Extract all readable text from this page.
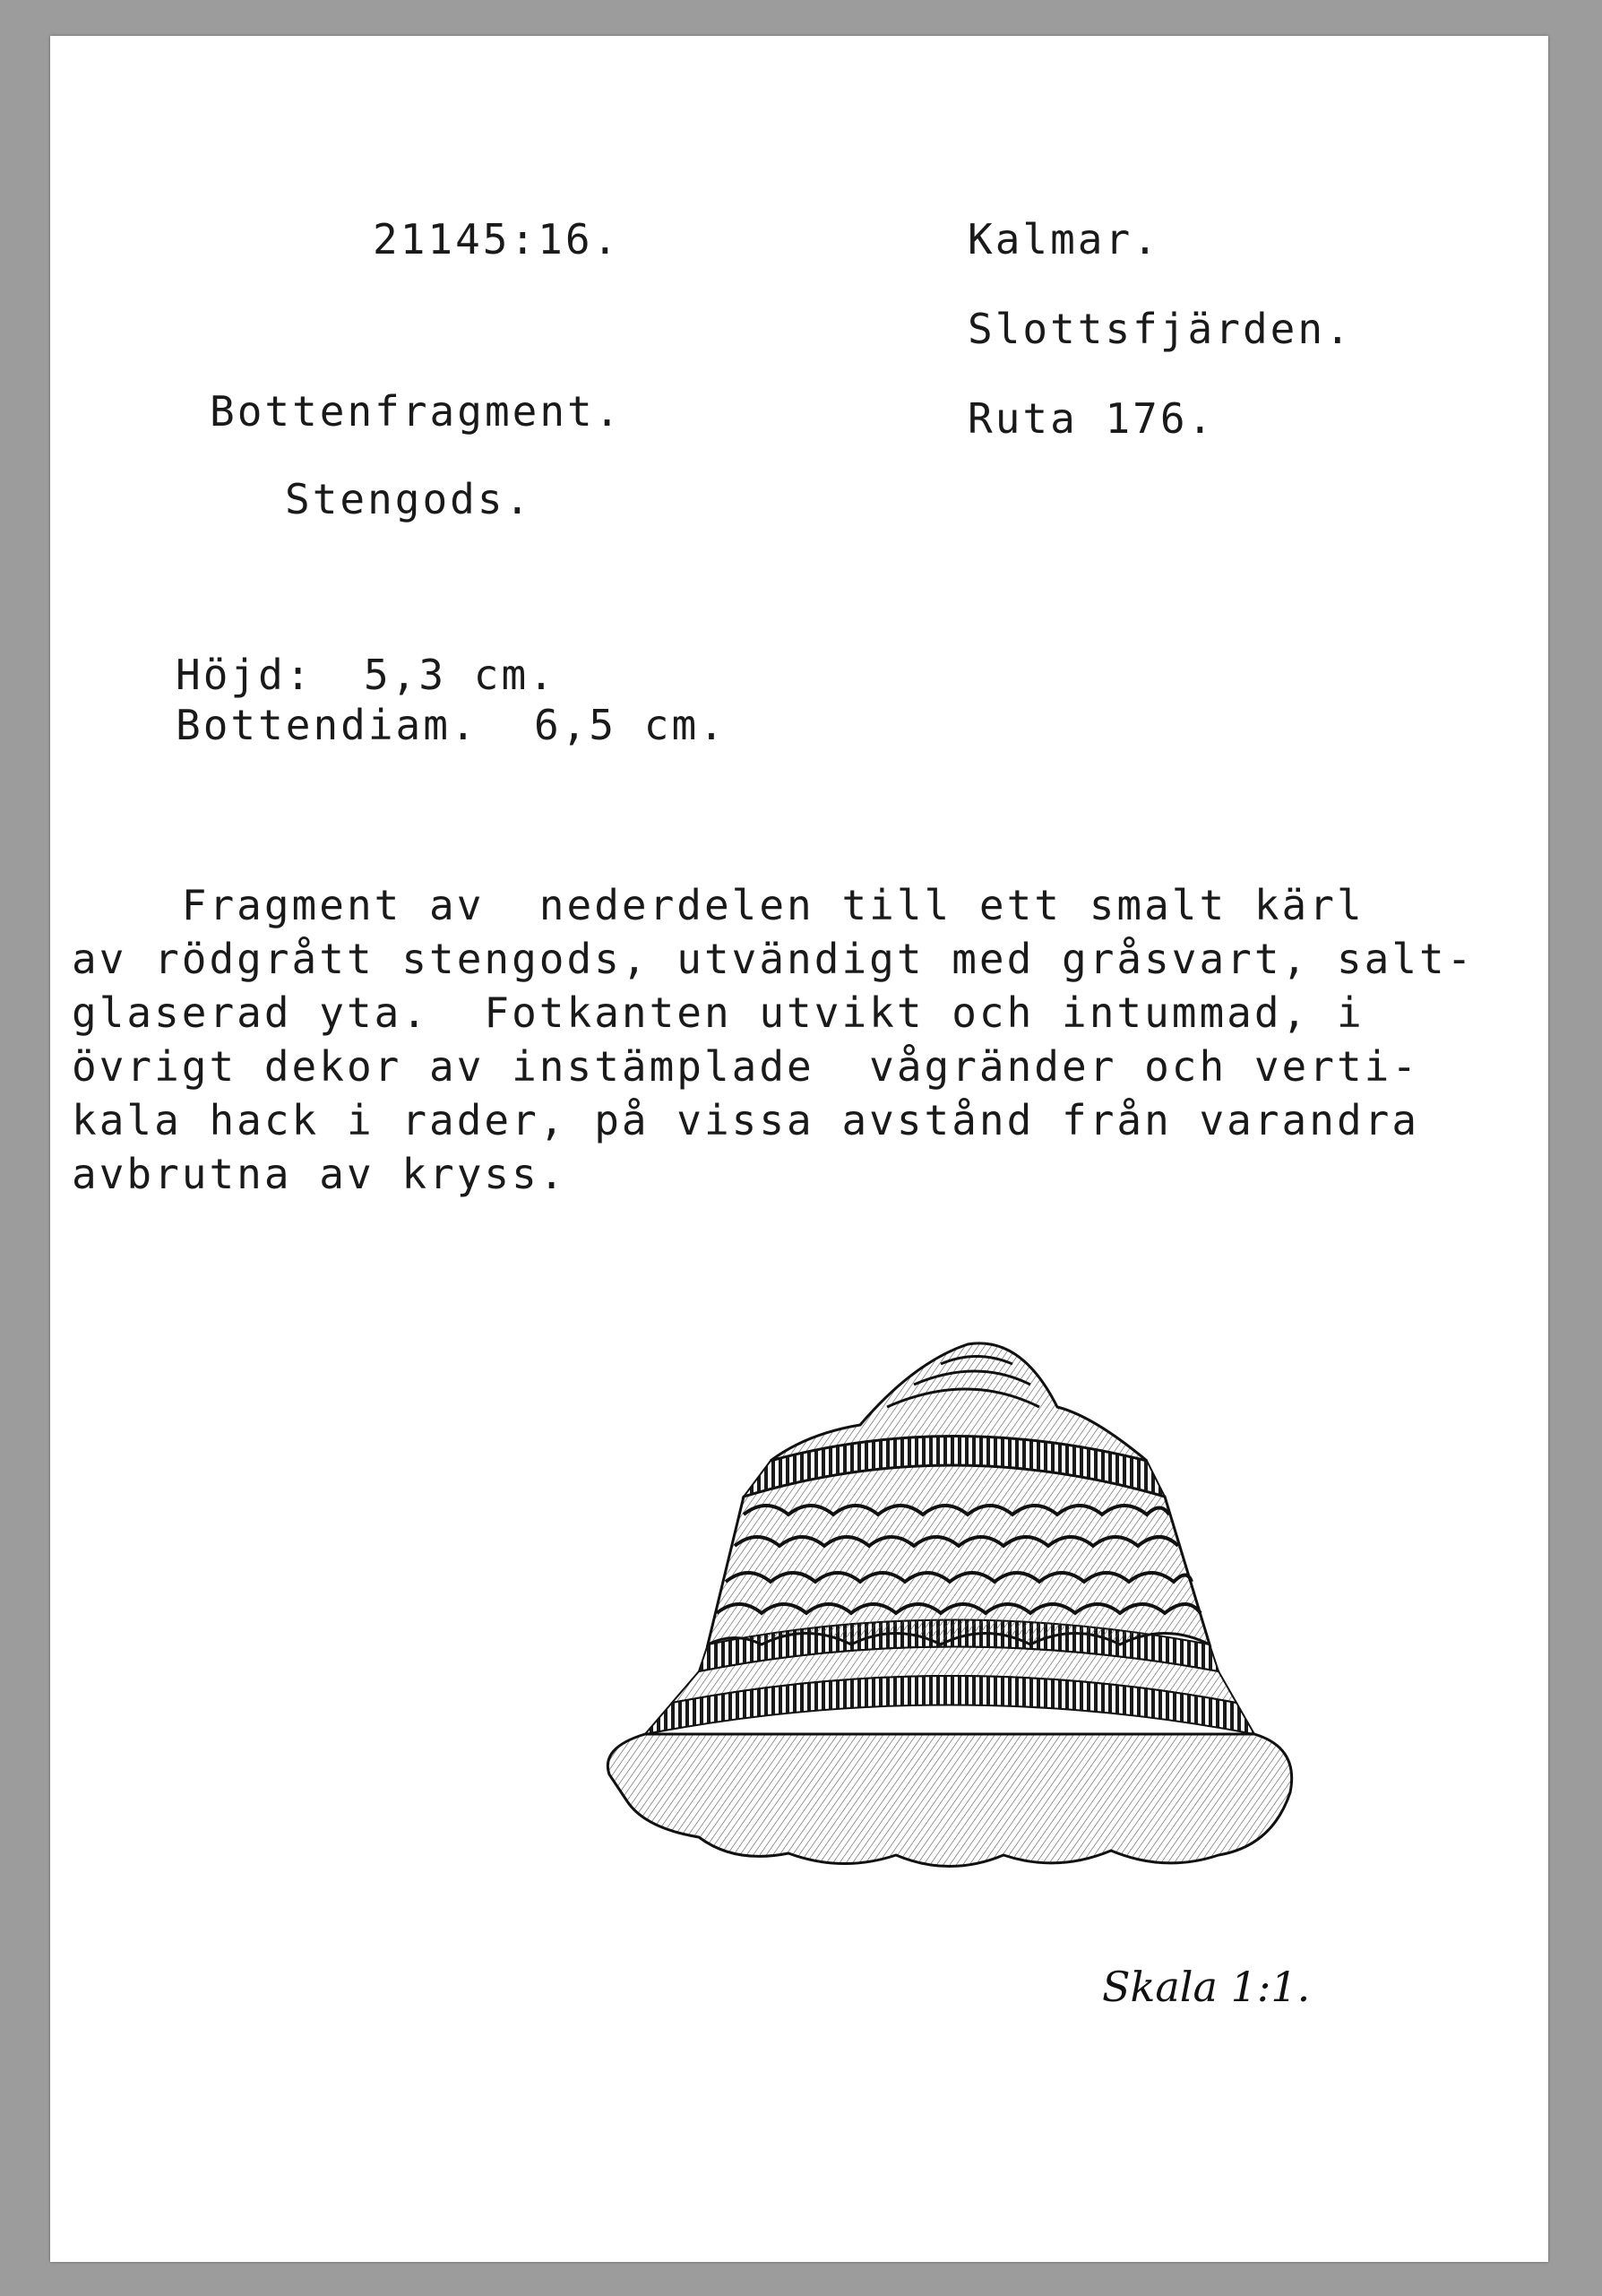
21145:16.	Kalmar.

Slottsfjärden.

Bottenfragment.	Ruta 176.

Stengods.

Höjd: 5,3 cm.

Bottendiam. 6,5 cm.

Fragment av  nederdelen till ett smalt kärl
av rödgrått stengods, utvändigt med gråsvart, salt-
glaserad yta.  Fotkanten utvikt och intummad, i
övrigt dekor av instämplade  vågränder och verti-
kala hack i rader, på vissa avstånd från varandra
avbrutna av kryss.
Skala 1:1.
